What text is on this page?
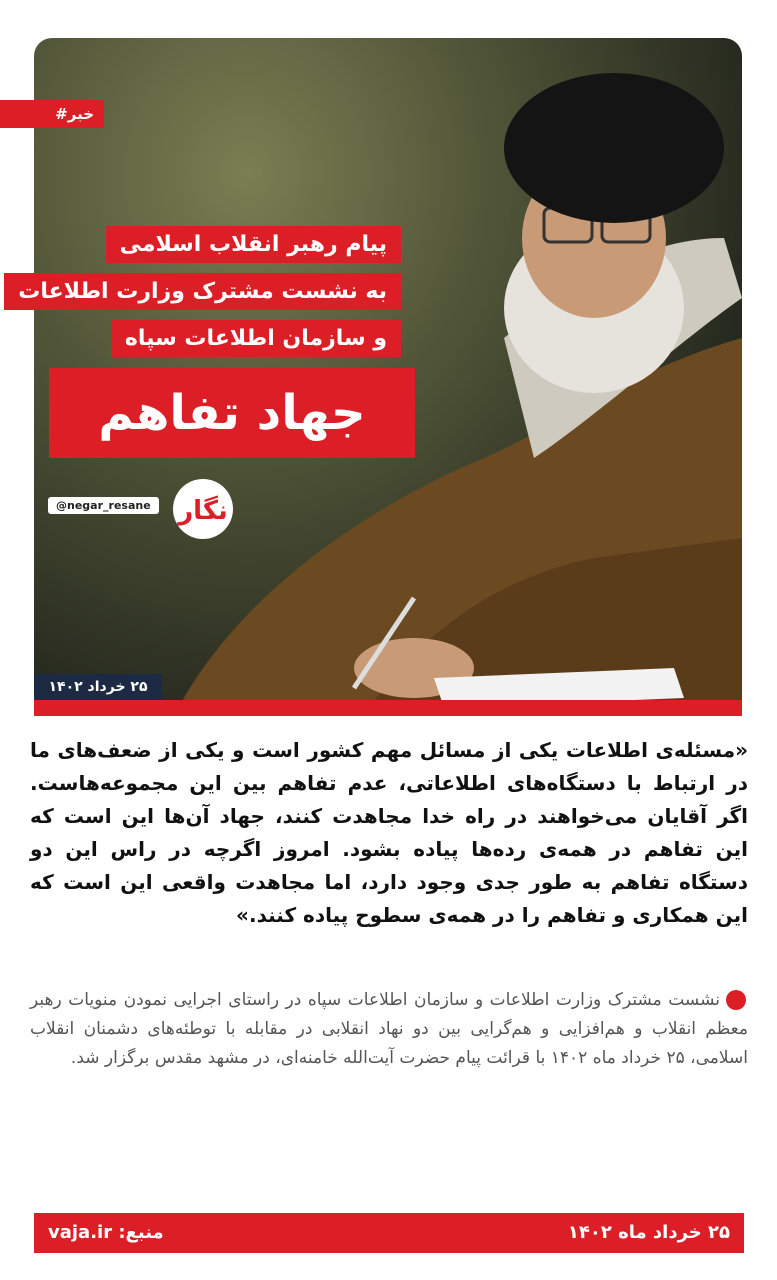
#خبر
پیام رهبر انقلاب اسلامی
به نشست مشترک وزارت اطلاعات
و سازمان اطلاعات سپاه
جهاد تفاهم
@negar_resane	نگار
۲۵ خرداد ۱۴۰۲
«مسئله‌ی اطلاعات یکی از مسائل مهم کشور است و یکی از ضعف‌های ما در ارتباط با دستگاه‌های اطلاعاتی، عدم تفاهم بین این مجموعه‌هاست. اگر آقایان می‌خواهند در راه خدا مجاهدت کنند، جهاد آن‌ها این است که این تفاهم در همه‌ی رده‌ها پیاده بشود. امروز اگرچه در راس این دو دستگاه تفاهم به‌ طور جدی وجود دارد، اما مجاهدت واقعی این است که این همکاری و تفاهم را در همه‌ی سطوح پیاده کنند.»
نشست مشترک وزارت اطلاعات و سازمان اطلاعات سپاه در راستای اجرایی نمودن منویات رهبر معظم انقلاب و هم‌افزایی و هم‌گرایی بین دو نهاد انقلابی در مقابله با توطئه‌های دشمنان انقلاب اسلامی، ۲۵ خرداد ماه ۱۴۰۲ با قرائت پیام حضرت آیت‌الله خامنه‌ای، در مشهد مقدس برگزار شد.
۲۵ خرداد ماه ۱۴۰۲
منبع: vaja.ir
